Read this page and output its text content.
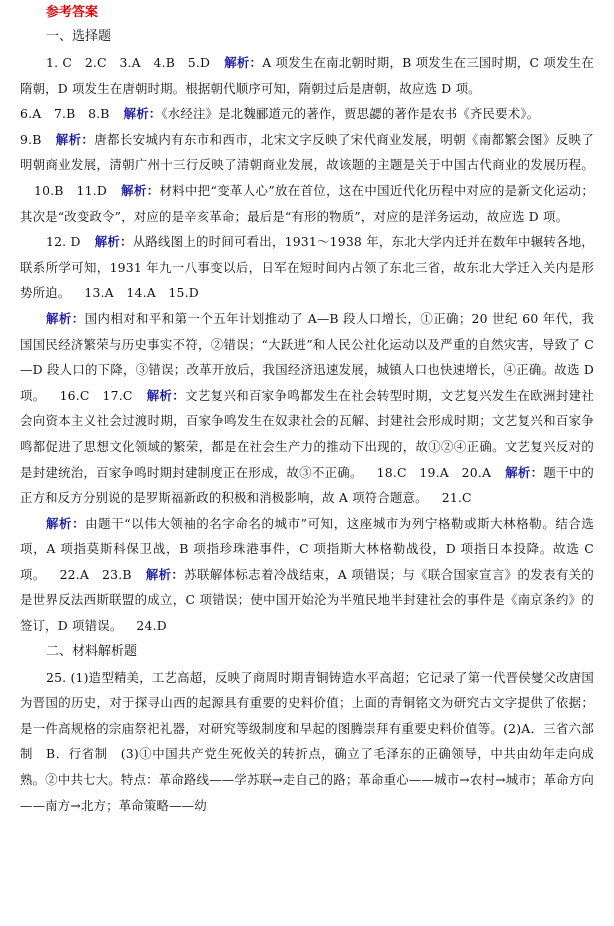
参考答案
一、选择题

1. C　2.C　3.A　4.B　5.D 解析：A 项发生在南北朝时期，B 项发生在三国时期，C 项发生在隋朝，D 项发生在唐朝时期。根据朝代顺序可知，隋朝过后是唐朝，故应选 D 项。

6.A　7.B　8.B 解析：《水经注》是北魏郦道元的著作，贾思勰的著作是农书《齐民要术》。

9.B 解析：唐都长安城内有东市和西市，北宋文字反映了宋代商业发展，明朝《南都繁会图》反映了明朝商业发展，清朝广州十三行反映了清朝商业发展，故该题的主题是关于中国古代商业的发展历程。10.B　11.D 解析：材料中把“变革人心”放在首位，这在中国近代化历程中对应的是新文化运动；其次是“改变政令”，对应的是辛亥革命；最后是“有形的物质”，对应的是洋务运动，故应选 D 项。

12. D 解析：从路线图上的时间可看出，1931～1938 年，东北大学内迁并在数年中辗转各地，联系所学可知，1931 年九一八事变以后，日军在短时间内占领了东北三省，故东北大学迁入关内是形势所迫。 13.A　14.A　15.D

解析：国内相对和平和第一个五年计划推动了 A—B 段人口增长，①正确；20 世纪 60 年代，我国国民经济繁荣与历史事实不符，②错误；“大跃进”和人民公社化运动以及严重的自然灾害，导致了 C—D 段人口的下降，③错误；改革开放后，我国经济迅速发展，城镇人口也快速增长，④正确。故选 D 项。 16.C　17.C 解析：文艺复兴和百家争鸣都发生在社会转型时期，文艺复兴发生在欧洲封建社会向资本主义社会过渡时期，百家争鸣发生在奴隶社会的瓦解、封建社会形成时期；文艺复兴和百家争鸣都促进了思想文化领域的繁荣，都是在社会生产力的推动下出现的，故①②④正确。文艺复兴反对的是封建统治，百家争鸣时期封建制度正在形成，故③不正确。 18.C　19.A　20.A 解析：题干中的正方和反方分别说的是罗斯福新政的积极和消极影响，故 A 项符合题意。 21.C

解析：由题干“以伟大领袖的名字命名的城市”可知，这座城市为列宁格勒或斯大林格勒。结合选项，A 项指莫斯科保卫战，B 项指珍珠港事件，C 项指斯大林格勒战役，D 项指日本投降。故选 C 项。 22.A　23.B 解析：苏联解体标志着冷战结束，A 项错误；与《联合国家宣言》的发表有关的是世界反法西斯联盟的成立，C 项错误；使中国开始沦为半殖民地半封建社会的事件是《南京条约》的签订，D 项错误。 24.D

二、材料解析题

25. (1)造型精美，工艺高超，反映了商周时期青铜铸造水平高超；它记录了第一代晋侯燮父改唐国为晋国的历史，对于探寻山西的起源具有重要的史料价值；上面的青铜铭文为研究古文字提供了依据；是一件高规格的宗庙祭祀礼器，对研究等级制度和早起的图腾崇拜有重要史料价值等。(2)A．三省六部制　B．行省制　(3)①中国共产党生死攸关的转折点，确立了毛泽东的正确领导，中共由幼年走向成熟。②中共七大。特点：革命路线——学苏联→走自己的路；革命重心——城市→农村→城市；革命方向——南方→北方；革命策略——幼
